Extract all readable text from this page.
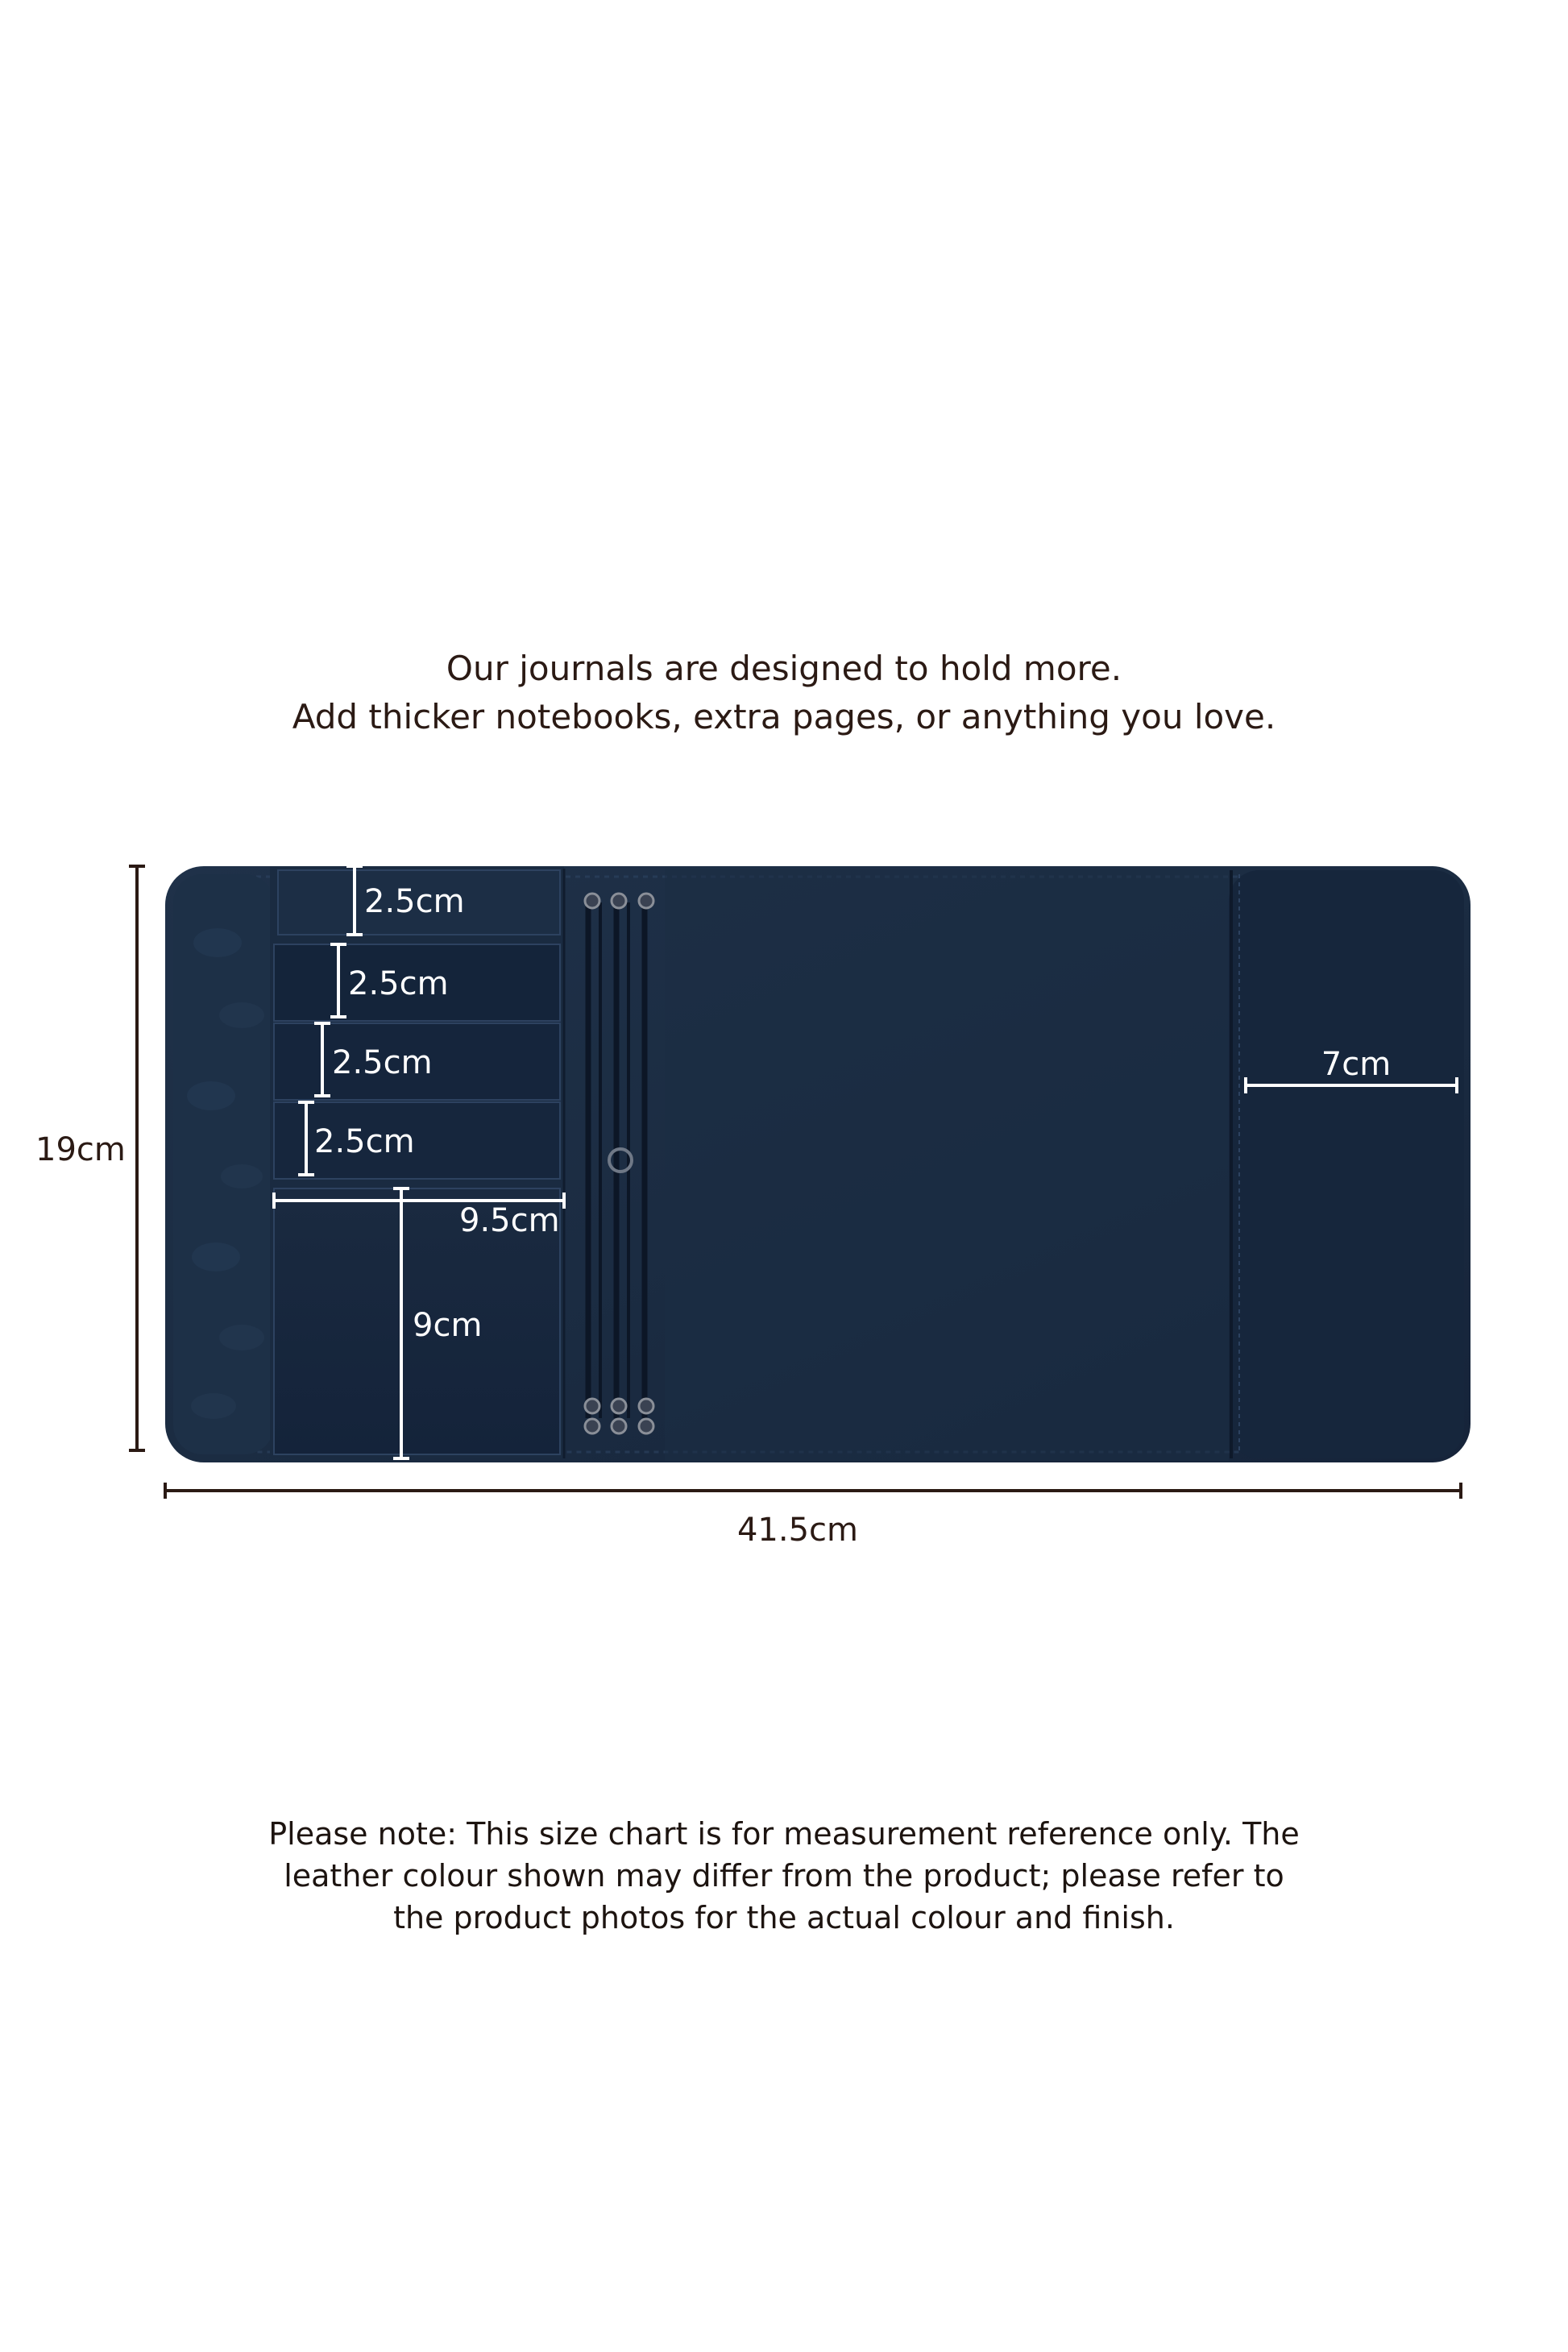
Our journals are designed to hold more.
Add thicker notebooks, extra pages, or anything you love.
19cm
41.5cm
2.5cm
2.5cm
2.5cm
2.5cm
9.5cm
9cm
7cm
Please note: This size chart is for measurement reference only. The
leather colour shown may differ from the product; please refer to
the product photos for the actual colour and finish.
